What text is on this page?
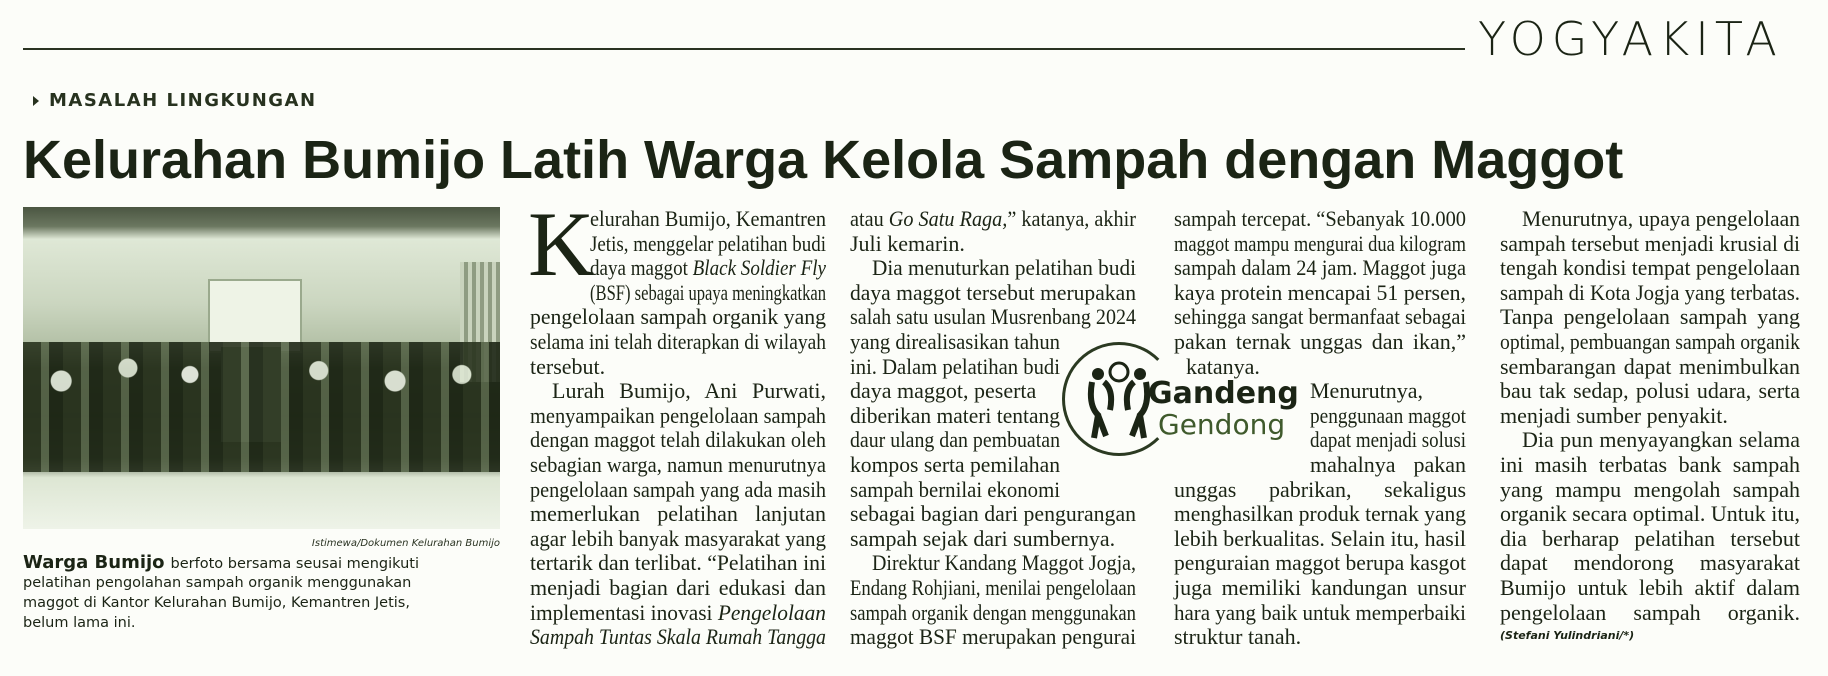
YOGYAKITA
MASALAH LINGKUNGAN
Kelurahan Bumijo Latih Warga Kelola Sampah dengan Maggot
Istimewa/Dokumen Kelurahan Bumijo
Warga Bumijo berfoto bersama seusai mengikuti
pelatihan pengolahan sampah organik menggunakan
maggot di Kantor Kelurahan Bumijo, Kemantren Jetis,
belum lama ini.
K
elurahan Bumijo, Kemantren
Jetis, menggelar pelatihan budi
daya maggot Black Soldier Fly
(BSF) sebagai upaya meningkatkan
pengelolaan sampah organik yang
selama ini telah diterapkan di wilayah
tersebut.
Lurah Bumijo, Ani Purwati,
menyampaikan pengelolaan sampah
dengan maggot telah dilakukan oleh
sebagian warga, namun menurutnya
pengelolaan sampah yang ada masih
memerlukan pelatihan lanjutan
agar lebih banyak masyarakat yang
tertarik dan terlibat. “Pelatihan ini
menjadi bagian dari edukasi dan
implementasi inovasi Pengelolaan
Sampah Tuntas Skala Rumah Tangga
atau Go Satu Raga,” katanya, akhir
Juli kemarin.
Dia menuturkan pelatihan budi
daya maggot tersebut merupakan
salah satu usulan Musrenbang 2024
yang direalisasikan tahun
ini. Dalam pelatihan budi
daya maggot, peserta
diberikan materi tentang
daur ulang dan pembuatan
kompos serta pemilahan
sampah bernilai ekonomi
sebagai bagian dari pengurangan
sampah sejak dari sumbernya.
Direktur Kandang Maggot Jogja,
Endang Rohjiani, menilai pengelolaan
sampah organik dengan menggunakan
maggot BSF merupakan pengurai
sampah tercepat. “Sebanyak 10.000
maggot mampu mengurai dua kilogram
sampah dalam 24 jam. Maggot juga
kaya protein mencapai 51 persen,
sehingga sangat bermanfaat sebagai
pakan ternak unggas dan ikan,”
katanya.
Menurutnya,
penggunaan maggot
dapat menjadi solusi
mahalnya pakan
unggas pabrikan, sekaligus
menghasilkan produk ternak yang
lebih berkualitas. Selain itu, hasil
penguraian maggot berupa kasgot
juga memiliki kandungan unsur
hara yang baik untuk memperbaiki
struktur tanah.
Menurutnya, upaya pengelolaan
sampah tersebut menjadi krusial di
tengah kondisi tempat pengelolaan
sampah di Kota Jogja yang terbatas.
Tanpa pengelolaan sampah yang
optimal, pembuangan sampah organik
sembarangan dapat menimbulkan
bau tak sedap, polusi udara, serta
menjadi sumber penyakit.
Dia pun menyayangkan selama
ini masih terbatas bank sampah
yang mampu mengolah sampah
organik secara optimal. Untuk itu,
dia berharap pelatihan tersebut
dapat mendorong masyarakat
Bumijo untuk lebih aktif dalam
pengelolaan sampah organik.
(Stefani Yulindriani/*)
Gandeng
Gendong
